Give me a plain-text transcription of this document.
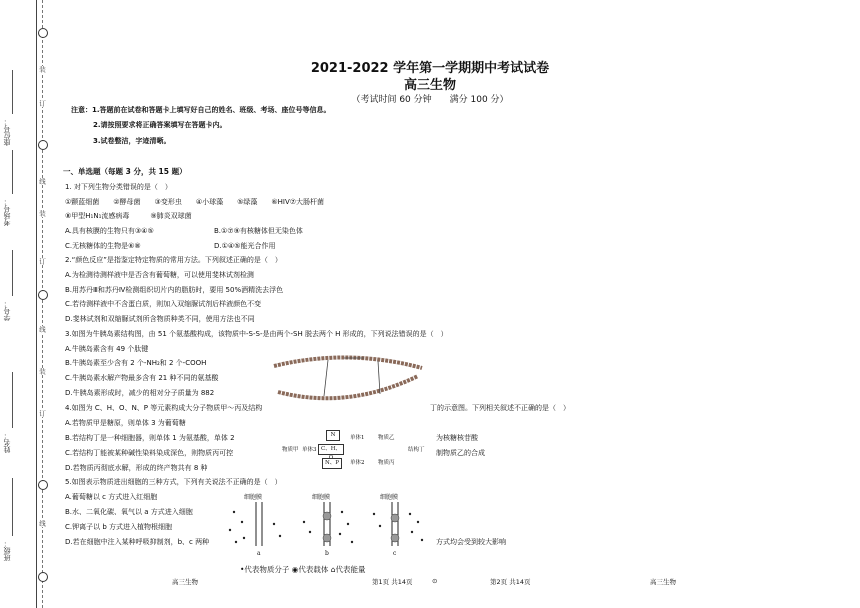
装
订
线
装
订
线
装
订
线
座位号：
考场号：
学号：
姓名：
班级：
2021-2022 学年第一学期期中考试试卷
高三生物
（考试时间 60 分钟　　满分 100 分）
注意：1.答题前在试卷和答题卡上填写好自己的姓名、班级、考场、座位号等信息。
2.请按照要求将正确答案填写在答题卡内。
3.试卷整洁，字迹清晰。
一、单选题（每题 3 分，共 15 题）
1. 对下列生物分类错误的是（　）
①颤蓝细菌　　②酵母菌　　③变形虫　　④小球藻　　⑤绿藻　　⑥HIV⑦大肠杆菌
⑧甲型H₁N₁流感病毒　　　⑨肺炎双球菌
A.具有核膜的生物只有③④⑤	B.①⑦⑨有核糖体但无染色体
C.无核糖体的生物是⑥⑧	D.①④⑤能光合作用
2.“颜色反应”是指鉴定特定物质的常用方法。下列叙述正确的是（　）
A.为检测待测样液中是否含有葡萄糖，可以使用斐林试剂检测
B.用苏丹Ⅲ和苏丹Ⅳ检测组织切片内的脂肪时，要用 50%酒精洗去浮色
C.若待测样液中不含蛋白质，则加入双缩脲试剂后样液颜色不变
D.斐林试剂和双缩脲试剂所含物质种类不同，使用方法也不同
3.如图为牛胰岛素结构图，由 51 个氨基酸构成，该物质中-S-S-是由两个-SH 脱去两个 H 形成的，下列说法错误的是（　）
A.牛胰岛素含有 49 个肽键
B.牛胰岛素至少含有 2 个-NH₂和 2 个-COOH
C.牛胰岛素水解产物最多含有 21 种不同的氨基酸
D.牛胰岛素形成时，减少的相对分子质量为 882
4.如图为 C、H、O、N、P 等元素构成大分子物质甲～丙及结构	丁的示意图。下列相关叙述不正确的是（　）
A.若物质甲是糖原，则单体 3 为葡萄糖
B.若结构丁是一种细胞器，则单体 1 为氨基酸，单体 2	为核糖核苷酸
C.若结构丁能被某种碱性染料染成深色，则物质丙可控	制物质乙的合成
D.若物质丙彻底水解，形成的终产物共有 8 种
5.如图表示物质进出细胞的三种方式，下列有关说法不正确的是（　）
A.葡萄糖以 c 方式进入红细胞
B.水、二氧化碳、氧气以 a 方式进入细胞
C.钾离子以 b 方式进入植物根细胞
D.若在细胞中注入某种呼吸抑制剂，b、c 两种	方式均会受到较大影响
N
C、H、O
N、P
单体1 物质乙
单体2 物质丙
结构丁
物质甲 单体3
细胞膜	细胞膜	细胞膜
a	b	c
•代表物质分子 ◉代表载体 ⌂代表能量
高三生物	第1页 共14页	⊙	第2页 共14页	高三生物
